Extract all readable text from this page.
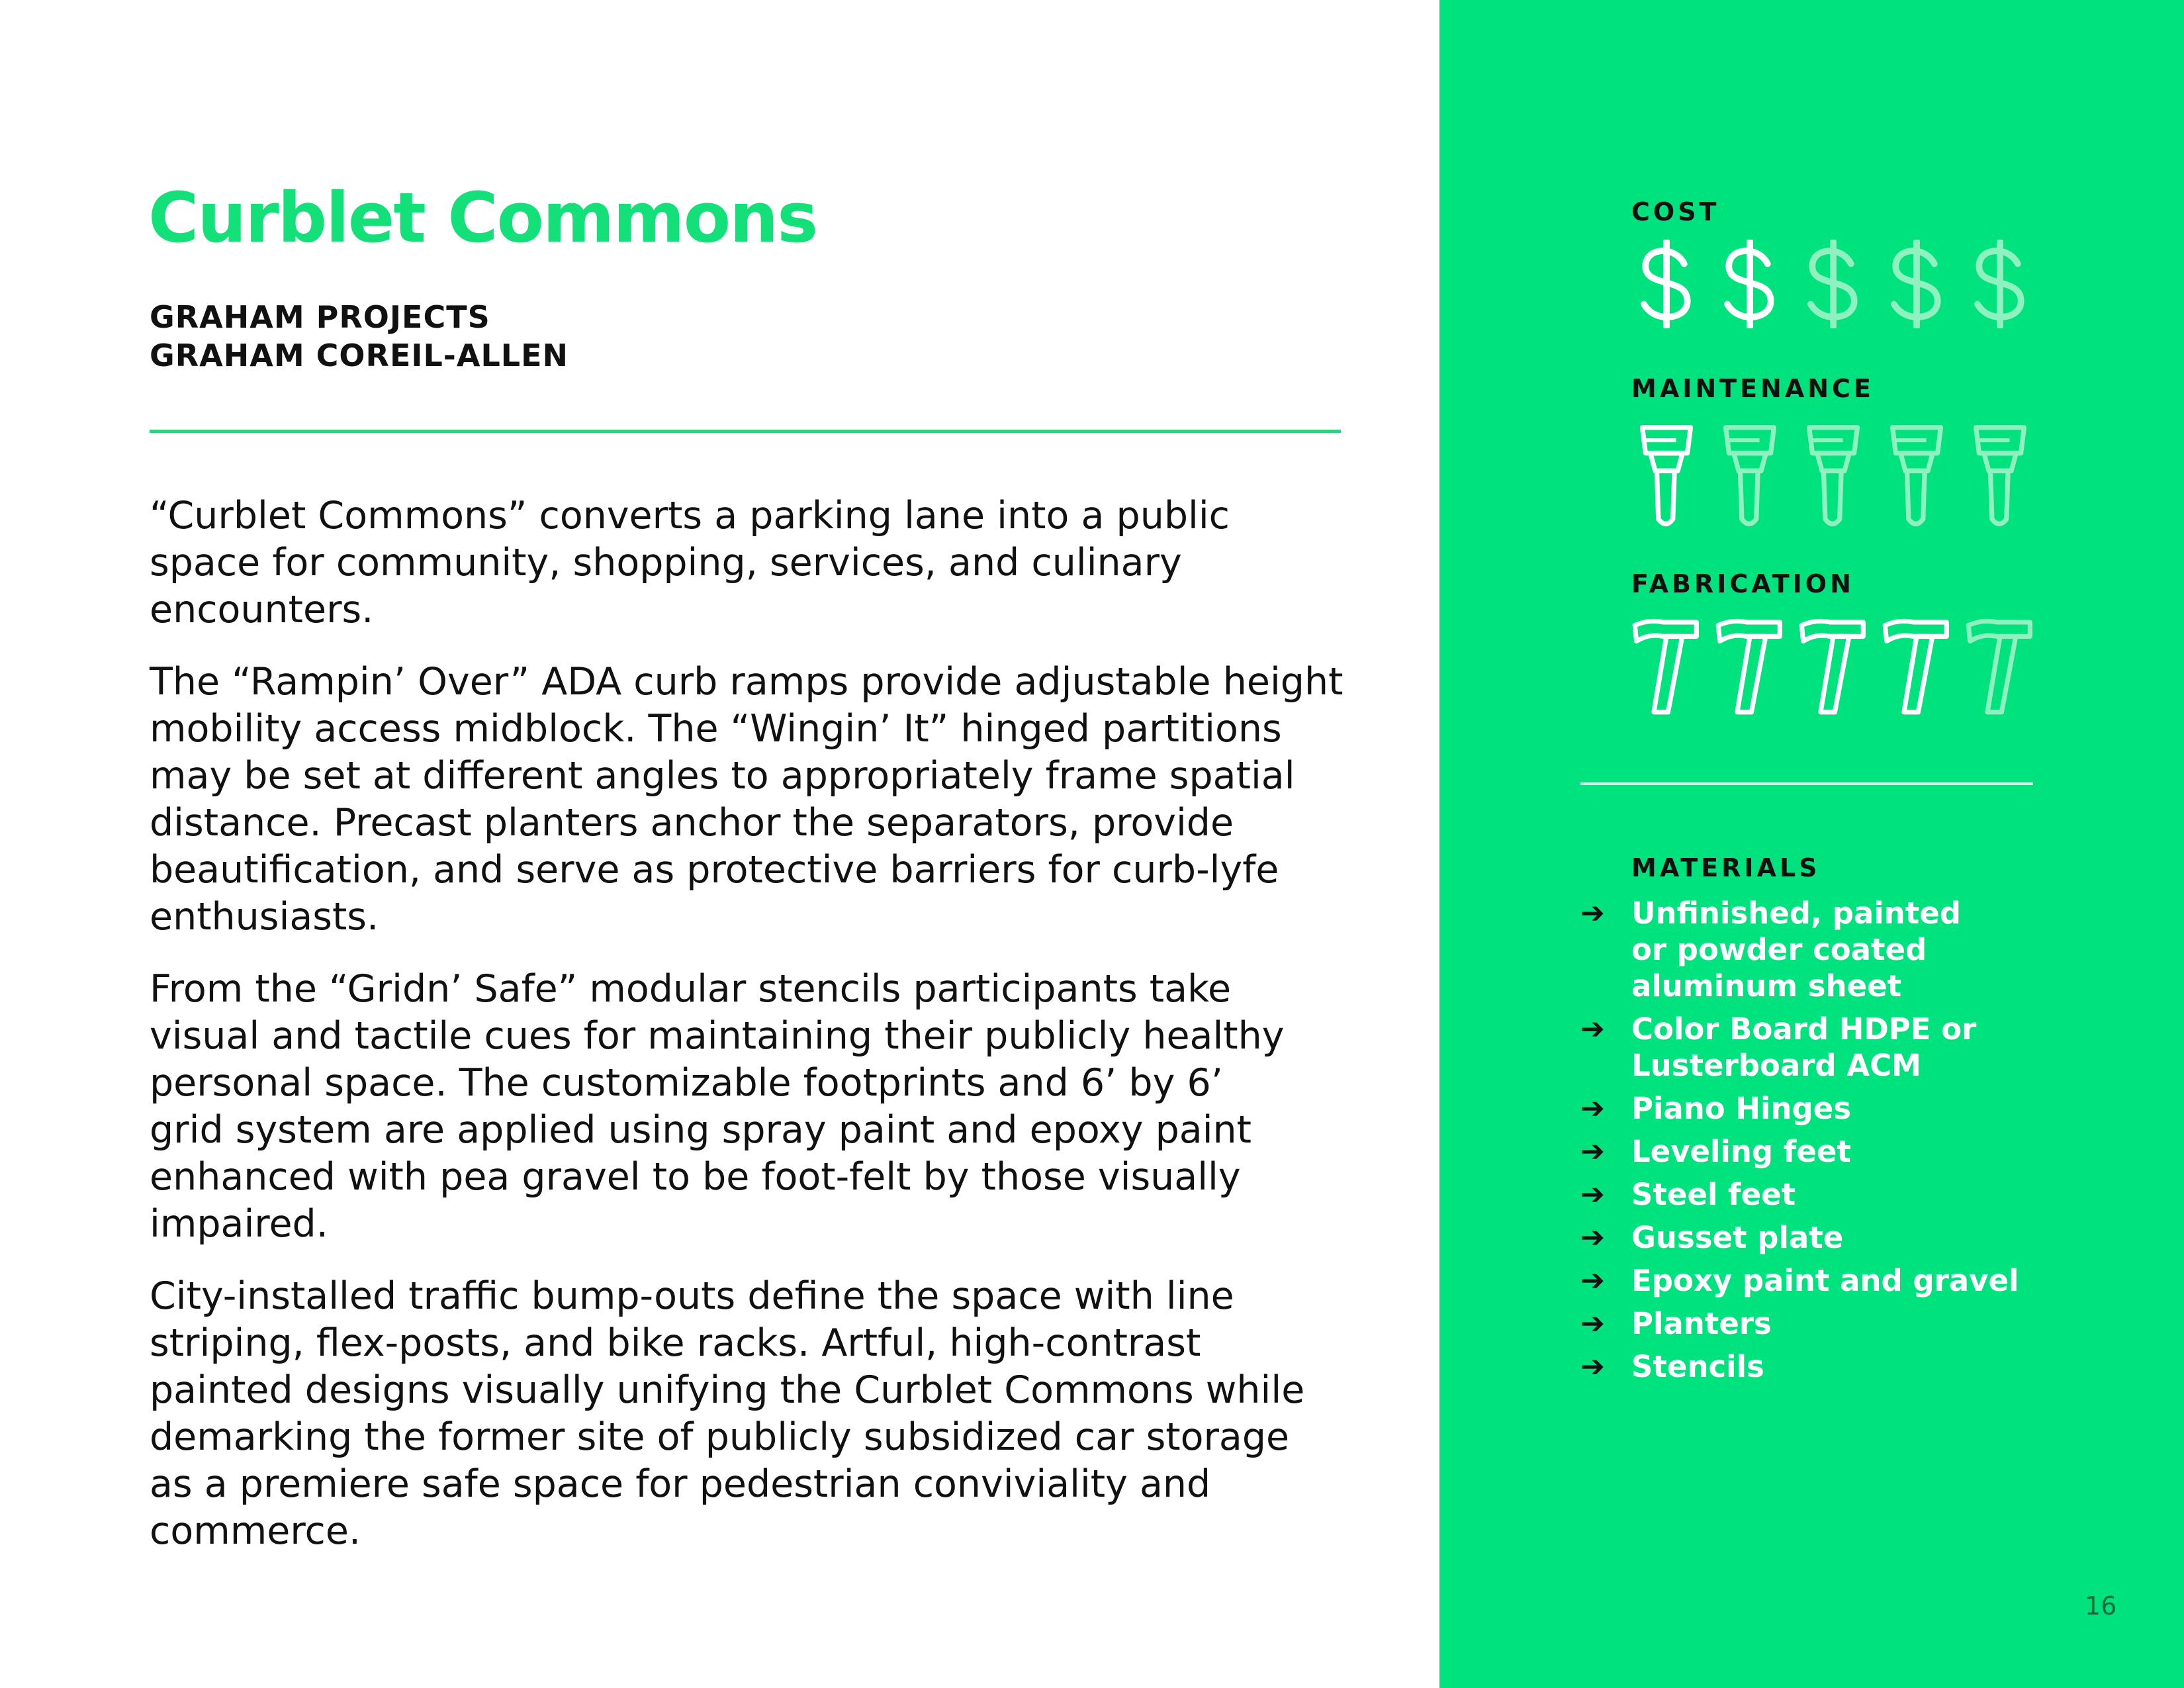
Curblet Commons
GRAHAM PROJECTS
GRAHAM COREIL-ALLEN

“Curblet Commons” converts a parking lane into a public
space for community, shopping, services, and culinary
encounters.

The “Rampin’ Over” ADA curb ramps provide adjustable height
mobility access midblock. The “Wingin’ It” hinged partitions
may be set at different angles to appropriately frame spatial
distance. Precast planters anchor the separators, provide
beautification, and serve as protective barriers for curb-lyfe
enthusiasts.

From the “Gridn’ Safe” modular stencils participants take
visual and tactile cues for maintaining their publicly healthy
personal space. The customizable footprints and 6’ by 6’
grid system are applied using spray paint and epoxy paint
enhanced with pea gravel to be foot-felt by those visually
impaired.

City-installed traffic bump-outs define the space with line
striping, flex-posts, and bike racks. Artful, high-contrast
painted designs visually unifying the Curblet Commons while
demarking the former site of publicly subsidized car storage
as a premiere safe space for pedestrian conviviality and
commerce.

COST
MAINTENANCE
FABRICATION
MATERIALS
➔ Unfinished, painted
or powder coated
aluminum sheet
➔ Color Board HDPE or
Lusterboard ACM
➔ Piano Hinges
➔ Leveling feet
➔ Steel feet
➔ Gusset plate
➔ Epoxy paint and gravel
➔ Planters
➔ Stencils
16
